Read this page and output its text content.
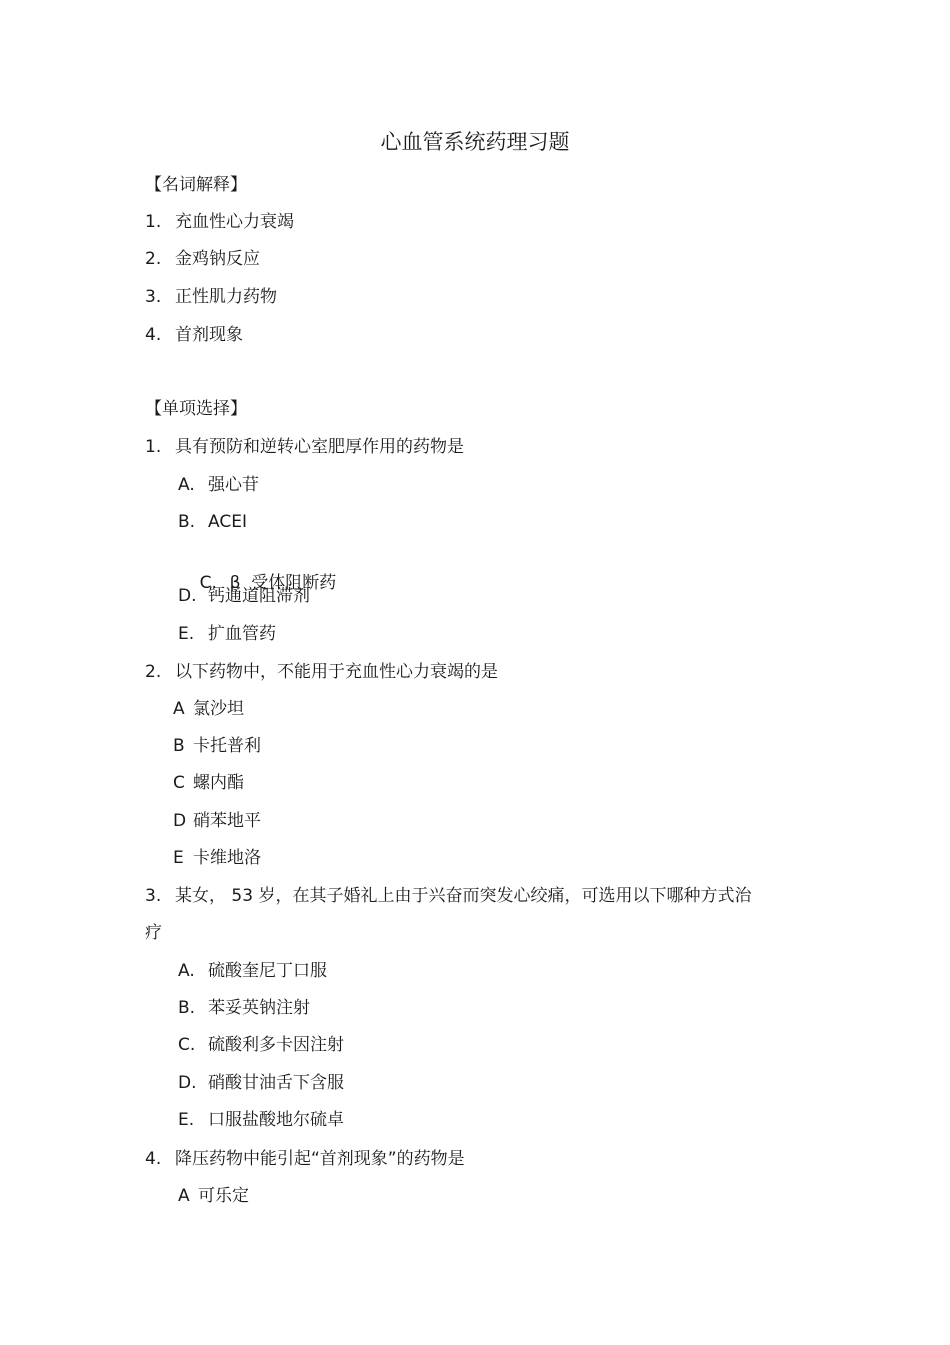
心血管系统药理习题
【名词解释】
1. 充血性心力衰竭
2. 金鸡钠反应
3. 正性肌力药物
4. 首剂现象
【单项选择】
1. 具有预防和逆转心室肥厚作用的药物是
A. 强心苷
B. ACEI

C. β  受体阻断药

D. 钙通道阻滞剂
E. 扩血管药
2. 以下药物中，不能用于充血性心力衰竭的是
A 氯沙坦
B 卡托普利
C 螺内酯
D 硝苯地平
E 卡维地洛
3. 某女， 53 岁，在其子婚礼上由于兴奋而突发心绞痛，可选用以下哪种方式治
疗
A. 硫酸奎尼丁口服
B. 苯妥英钠注射
C. 硫酸利多卡因注射
D. 硝酸甘油舌下含服
E. 口服盐酸地尔硫卓
4. 降压药物中能引起“首剂现象”的药物是
A 可乐定
